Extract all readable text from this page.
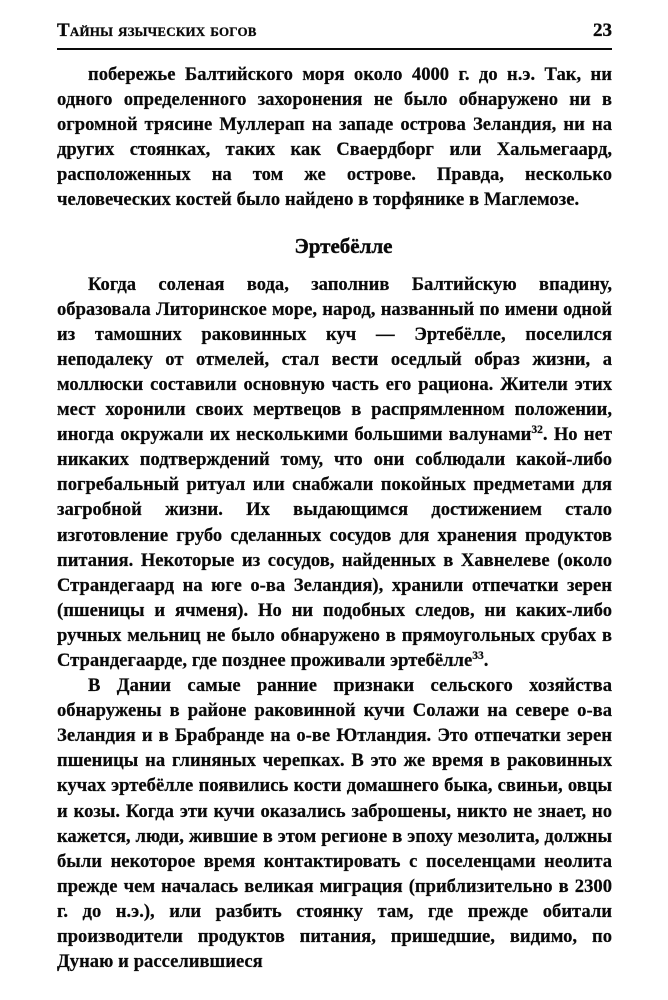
Тайны языческих богов	23

побережье Балтийского моря около 4000 г. до н.э. Так, ни одного определенного захоронения не было обнаружено ни в огромной трясине Муллерап на западе острова Зеландия, ни на других стоянках, таких как Сваердборг или Хальмегаард, расположенных на том же острове. Правда, несколько человеческих костей было найдено в торфянике в Маглемозе.

Эртебёлле

Когда соленая вода, заполнив Балтийскую впадину, образовала Литоринское море, народ, названный по имени одной из тамошних раковинных куч — Эртебёлле, поселился неподалеку от отмелей, стал вести оседлый образ жизни, а моллюски составили основную часть его рациона. Жители этих мест хоронили своих мертвецов в распрямленном положении, иногда окружали их несколькими большими валунами$^{32}$. Но нет никаких подтверждений тому, что они соблюдали какой-либо погребальный ритуал или снабжали покойных предметами для загробной жизни. Их выдающимся достижением стало изготовление грубо сделанных сосудов для хранения продуктов питания. Некоторые из сосудов, найденных в Хавнелеве (около Страндегаард на юге о-ва Зеландия), хранили отпечатки зерен (пшеницы и ячменя). Но ни подобных следов, ни каких-либо ручных мельниц не было обнаружено в прямоугольных срубах в Страндегаарде, где позднее проживали эртебёлле$^{33}$.

В Дании самые ранние признаки сельского хозяйства обнаружены в районе раковинной кучи Солажи на севере о-ва Зеландия и в Брабранде на о-ве Ютландия. Это отпечатки зерен пшеницы на глиняных черепках. В это же время в раковинных кучах эртебёлле появились кости домашнего быка, свиньи, овцы и козы. Когда эти кучи оказались заброшены, никто не знает, но кажется, люди, жившие в этом регионе в эпоху мезолита, должны были некоторое время контактировать с поселенцами неолита прежде чем началась великая миграция (приблизительно в 2300 г. до н.э.), или разбить стоянку там, где прежде обитали производители продуктов питания, пришедшие, видимо, по Дунаю и расселившиеся
